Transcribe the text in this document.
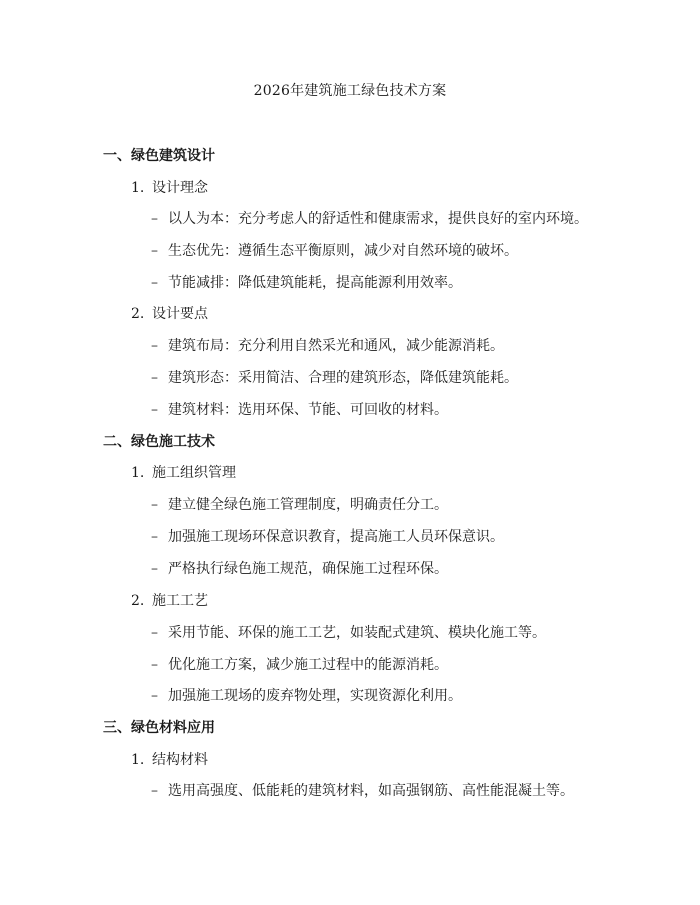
2026年建筑施工绿色技术方案
一、绿色建筑设计
1. 设计理念
– 以人为本：充分考虑人的舒适性和健康需求，提供良好的室内环境。
– 生态优先：遵循生态平衡原则，减少对自然环境的破坏。
– 节能减排：降低建筑能耗，提高能源利用效率。
2. 设计要点
– 建筑布局：充分利用自然采光和通风，减少能源消耗。
– 建筑形态：采用简洁、合理的建筑形态，降低建筑能耗。
– 建筑材料：选用环保、节能、可回收的材料。
二、绿色施工技术
1. 施工组织管理
– 建立健全绿色施工管理制度，明确责任分工。
– 加强施工现场环保意识教育，提高施工人员环保意识。
– 严格执行绿色施工规范，确保施工过程环保。
2. 施工工艺
– 采用节能、环保的施工工艺，如装配式建筑、模块化施工等。
– 优化施工方案，减少施工过程中的能源消耗。
– 加强施工现场的废弃物处理，实现资源化利用。
三、绿色材料应用
1. 结构材料
– 选用高强度、低能耗的建筑材料，如高强钢筋、高性能混凝土等。
